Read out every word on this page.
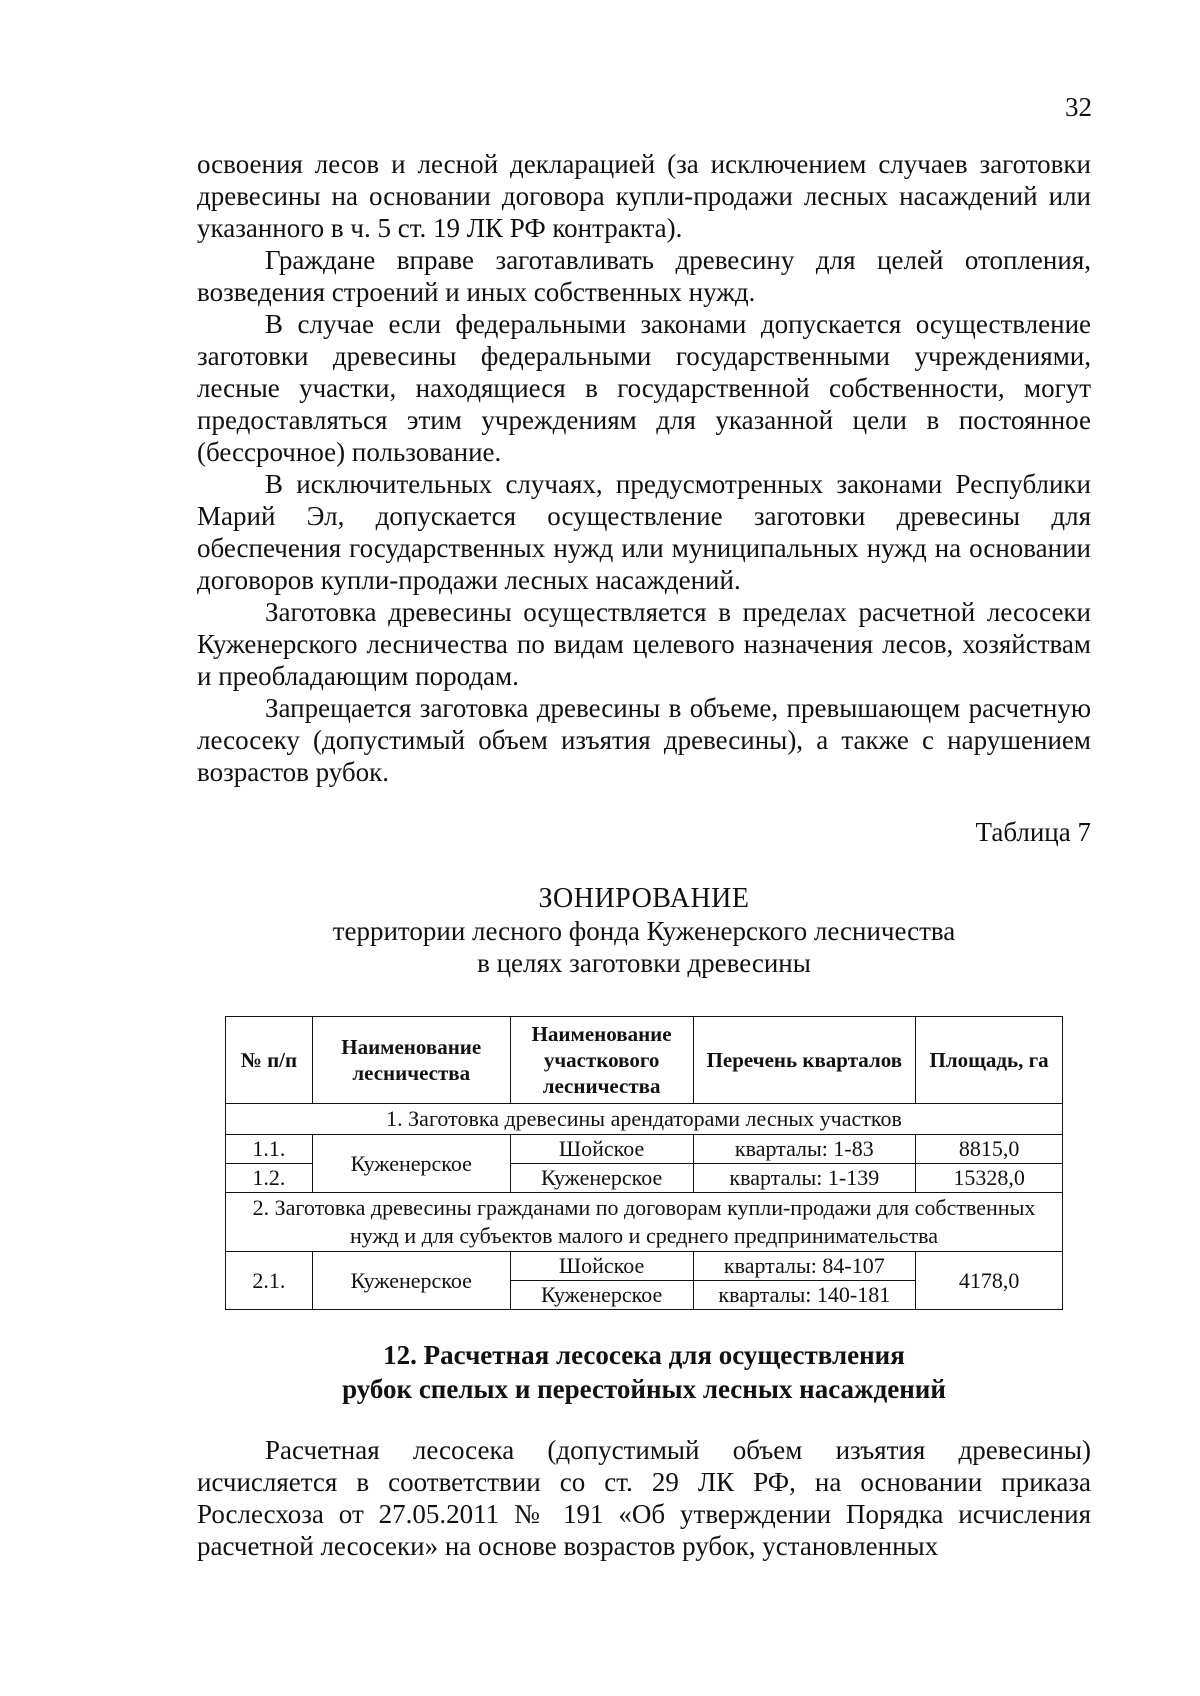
32

освоения лесов и лесной декларацией (за исключением случаев заготовки древесины на основании договора купли-продажи лесных насаждений или указанного в ч. 5 ст. 19 ЛК РФ контракта).

Граждане вправе заготавливать древесину для целей отопления, возведения строений и иных собственных нужд.

В случае если федеральными законами допускается осуществление заготовки древесины федеральными государственными учреждениями, лесные участки, находящиеся в государственной собственности, могут предоставляться этим учреждениям для указанной цели в постоянное (бессрочное) пользование.

В исключительных случаях, предусмотренных законами Республики Марий Эл, допускается осуществление заготовки древесины для обеспечения государственных нужд или муниципальных нужд на основании договоров купли-продажи лесных насаждений.

Заготовка древесины осуществляется в пределах расчетной лесосеки Куженерского лесничества по видам целевого назначения лесов, хозяйствам и преобладающим породам.

Запрещается заготовка древесины в объеме, превышающем расчетную лесосеку (допустимый объем изъятия древесины), а также с нарушением возрастов рубок.

Таблица 7
ЗОНИРОВАНИЕ
территории лесного фонда Куженерского лесничества
в целях заготовки древесины
№ п/п	Наименование лесничества	Наименование участкового лесничества	Перечень кварталов	Площадь, га
1. Заготовка древесины арендаторами лесных участков				
1.1.	Куженерское	Шойское	кварталы: 1-83	8815,0
1.2.		Куженерское	кварталы: 1-139	15328,0
2. Заготовка древесины гражданами по договорам купли-продажи для собственных нужд и для субъектов малого и среднего предпринимательства				
2.1.	Куженерское	Шойское	кварталы: 84-107	4178,0
		Куженерское	кварталы: 140-181	
12. Расчетная лесосека для осуществления
рубок спелых и перестойных лесных насаждений

Расчетная лесосека (допустимый объем изъятия древесины) исчисляется в соответствии со ст. 29 ЛК РФ, на основании приказа Рослесхоза от 27.05.2011 № 191 «Об утверждении Порядка исчисления расчетной лесосеки» на основе возрастов рубок, установленных
